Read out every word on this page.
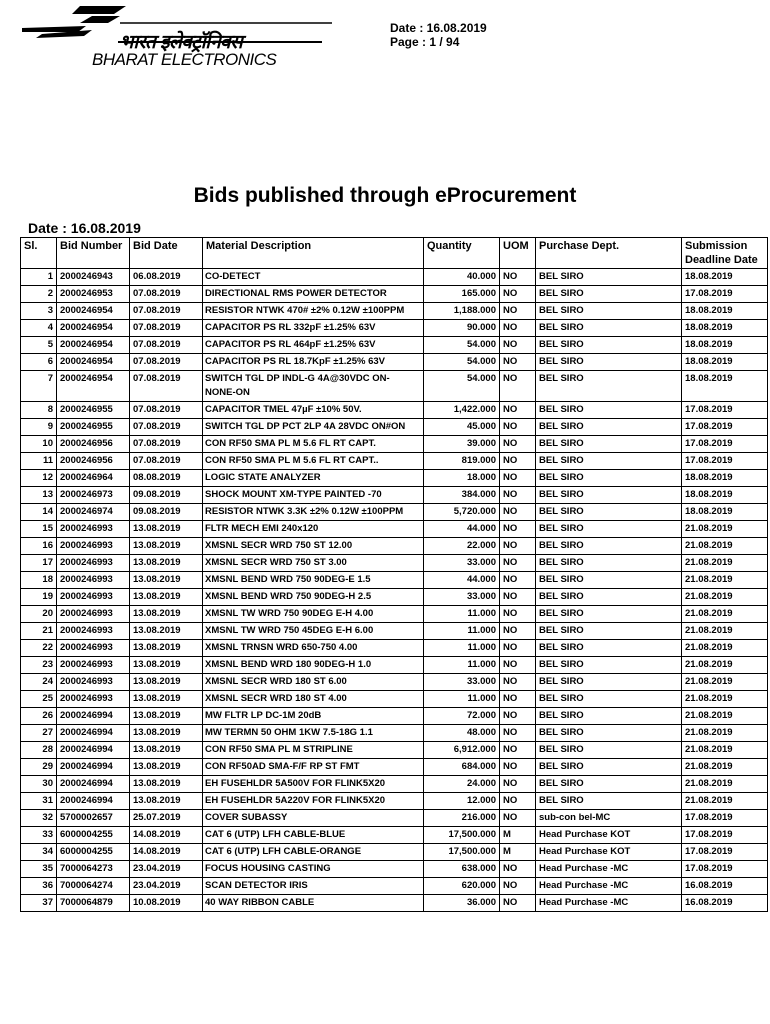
भारत इलेक्ट्रॉनिक्स
BHARAT ELECTRONICS
Date : 16.08.2019
Page : 1 / 94
Bids published through eProcurement
Date : 16.08.2019
Sl.	Bid Number	Bid Date	Material Description	Quantity	UOM	Purchase Dept.	Submission Deadline Date
1	2000246943	06.08.2019	CO-DETECT	40.000	NO	BEL SIRO	18.08.2019
2	2000246953	07.08.2019	DIRECTIONAL RMS POWER DETECTOR	165.000	NO	BEL SIRO	17.08.2019
3	2000246954	07.08.2019	RESISTOR NTWK 470# ±2% 0.12W ±100PPM	1,188.000	NO	BEL SIRO	18.08.2019
4	2000246954	07.08.2019	CAPACITOR PS RL 332pF ±1.25% 63V	90.000	NO	BEL SIRO	18.08.2019
5	2000246954	07.08.2019	CAPACITOR PS RL 464pF ±1.25% 63V	54.000	NO	BEL SIRO	18.08.2019
6	2000246954	07.08.2019	CAPACITOR PS RL 18.7KpF ±1.25% 63V	54.000	NO	BEL SIRO	18.08.2019
7	2000246954	07.08.2019	SWITCH TGL DP INDL-G 4A@30VDC ON-NONE-ON	54.000	NO	BEL SIRO	18.08.2019
8	2000246955	07.08.2019	CAPACITOR TMEL 47µF ±10% 50V.	1,422.000	NO	BEL SIRO	17.08.2019
9	2000246955	07.08.2019	SWITCH TGL DP PCT 2LP 4A 28VDC ON#ON	45.000	NO	BEL SIRO	17.08.2019
10	2000246956	07.08.2019	CON RF50 SMA PL M 5.6 FL RT CAPT.	39.000	NO	BEL SIRO	17.08.2019
11	2000246956	07.08.2019	CON RF50 SMA PL M 5.6 FL RT CAPT..	819.000	NO	BEL SIRO	17.08.2019
12	2000246964	08.08.2019	LOGIC STATE ANALYZER	18.000	NO	BEL SIRO	18.08.2019
13	2000246973	09.08.2019	SHOCK MOUNT XM-TYPE PAINTED -70	384.000	NO	BEL SIRO	18.08.2019
14	2000246974	09.08.2019	RESISTOR NTWK 3.3K ±2% 0.12W ±100PPM	5,720.000	NO	BEL SIRO	18.08.2019
15	2000246993	13.08.2019	FLTR MECH EMI 240x120	44.000	NO	BEL SIRO	21.08.2019
16	2000246993	13.08.2019	XMSNL SECR WRD 750 ST 12.00	22.000	NO	BEL SIRO	21.08.2019
17	2000246993	13.08.2019	XMSNL SECR WRD 750 ST 3.00	33.000	NO	BEL SIRO	21.08.2019
18	2000246993	13.08.2019	XMSNL BEND WRD 750 90DEG-E 1.5	44.000	NO	BEL SIRO	21.08.2019
19	2000246993	13.08.2019	XMSNL BEND WRD 750 90DEG-H 2.5	33.000	NO	BEL SIRO	21.08.2019
20	2000246993	13.08.2019	XMSNL TW WRD 750 90DEG E-H 4.00	11.000	NO	BEL SIRO	21.08.2019
21	2000246993	13.08.2019	XMSNL TW WRD 750 45DEG E-H 6.00	11.000	NO	BEL SIRO	21.08.2019
22	2000246993	13.08.2019	XMSNL TRNSN WRD 650-750 4.00	11.000	NO	BEL SIRO	21.08.2019
23	2000246993	13.08.2019	XMSNL BEND WRD 180 90DEG-H 1.0	11.000	NO	BEL SIRO	21.08.2019
24	2000246993	13.08.2019	XMSNL SECR WRD 180 ST 6.00	33.000	NO	BEL SIRO	21.08.2019
25	2000246993	13.08.2019	XMSNL SECR WRD 180 ST 4.00	11.000	NO	BEL SIRO	21.08.2019
26	2000246994	13.08.2019	MW FLTR LP DC-1M 20dB	72.000	NO	BEL SIRO	21.08.2019
27	2000246994	13.08.2019	MW TERMN 50 OHM 1KW 7.5-18G 1.1	48.000	NO	BEL SIRO	21.08.2019
28	2000246994	13.08.2019	CON RF50 SMA PL M STRIPLINE	6,912.000	NO	BEL SIRO	21.08.2019
29	2000246994	13.08.2019	CON RF50AD SMA-F/F RP ST FMT	684.000	NO	BEL SIRO	21.08.2019
30	2000246994	13.08.2019	EH FUSEHLDR 5A500V FOR FLINK5X20	24.000	NO	BEL SIRO	21.08.2019
31	2000246994	13.08.2019	EH FUSEHLDR 5A220V FOR FLINK5X20	12.000	NO	BEL SIRO	21.08.2019
32	5700002657	25.07.2019	COVER SUBASSY	216.000	NO	sub-con bel-MC	17.08.2019
33	6000004255	14.08.2019	CAT 6 (UTP) LFH CABLE-BLUE	17,500.000	M	Head Purchase KOT	17.08.2019
34	6000004255	14.08.2019	CAT 6 (UTP) LFH CABLE-ORANGE	17,500.000	M	Head Purchase KOT	17.08.2019
35	7000064273	23.04.2019	FOCUS HOUSING CASTING	638.000	NO	Head Purchase -MC	17.08.2019
36	7000064274	23.04.2019	SCAN DETECTOR IRIS	620.000	NO	Head Purchase -MC	16.08.2019
37	7000064879	10.08.2019	40 WAY RIBBON CABLE	36.000	NO	Head Purchase -MC	16.08.2019
